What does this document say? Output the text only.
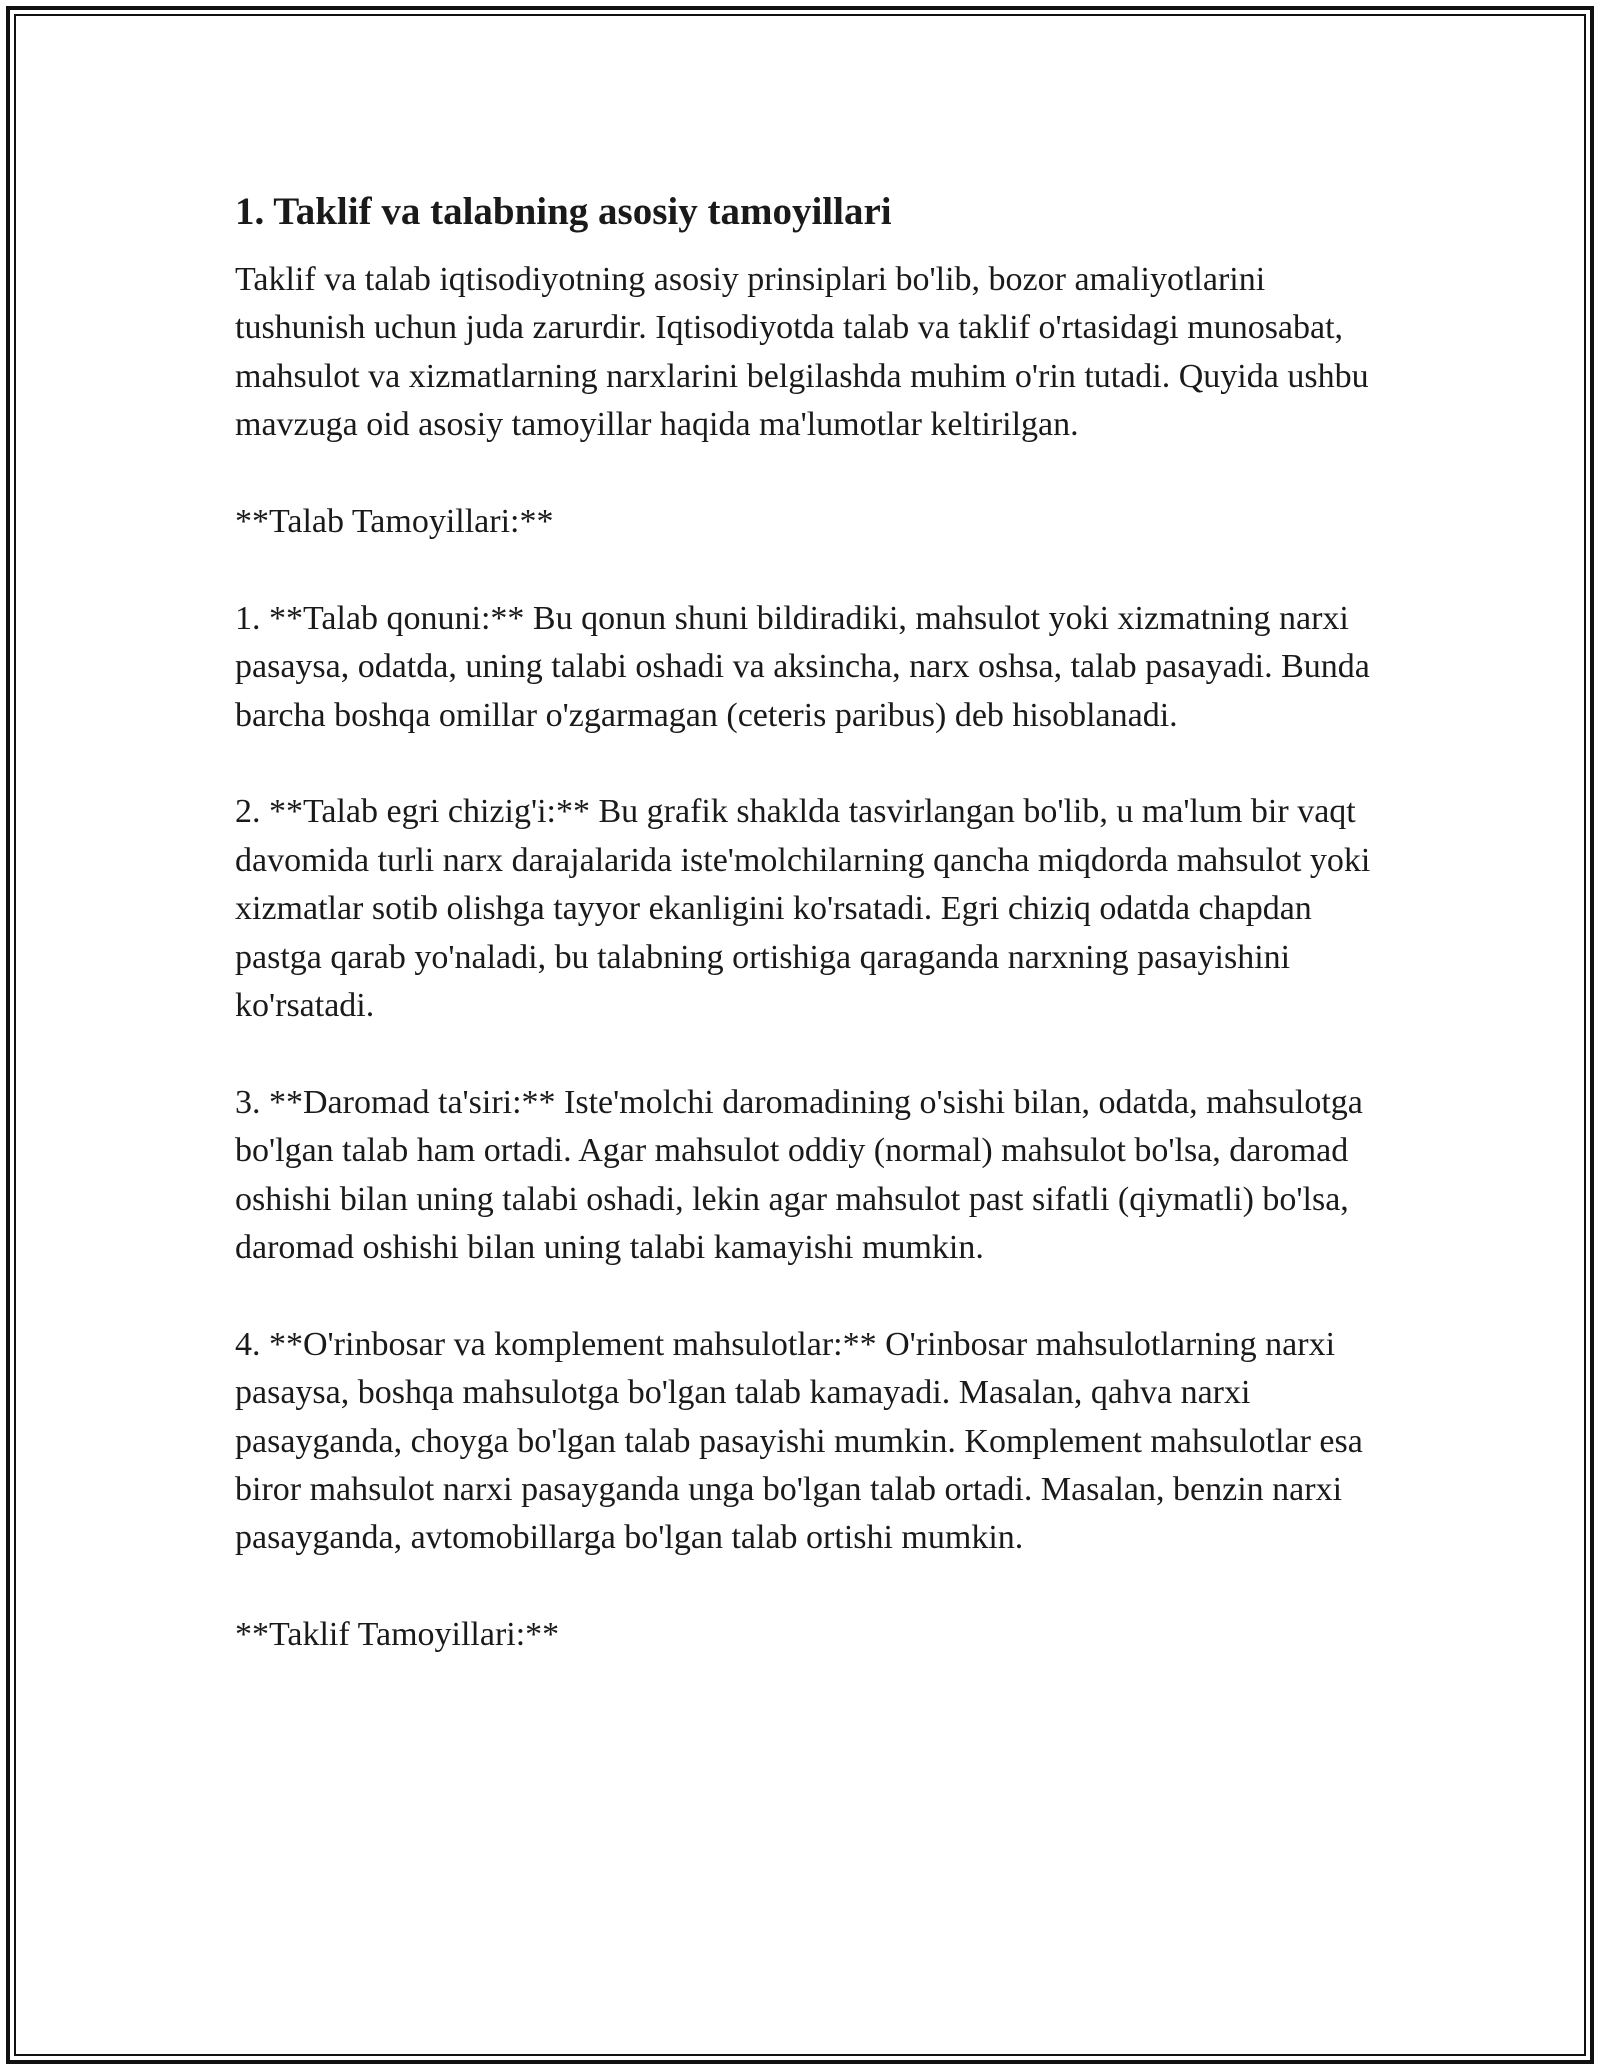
1. Taklif va talabning asosiy tamoyillari

Taklif va talab iqtisodiyotning asosiy prinsiplari bo'lib, bozor amaliyotlarini tushunish uchun juda zarurdir. Iqtisodiyotda talab va taklif o'rtasidagi munosabat, mahsulot va xizmatlarning narxlarini belgilashda muhim o'rin tutadi. Quyida ushbu mavzuga oid asosiy tamoyillar haqida ma'lumotlar keltirilgan.

**Talab Tamoyillari:**

1. **Talab qonuni:** Bu qonun shuni bildiradiki, mahsulot yoki xizmatning narxi pasaysa, odatda, uning talabi oshadi va aksincha, narx oshsa, talab pasayadi. Bunda barcha boshqa omillar o'zgarmagan (ceteris paribus) deb hisoblanadi.

2. **Talab egri chizig'i:** Bu grafik shaklda tasvirlangan bo'lib, u ma'lum bir vaqt davomida turli narx darajalarida iste'molchilarning qancha miqdorda mahsulot yoki xizmatlar sotib olishga tayyor ekanligini ko'rsatadi. Egri chiziq odatda chapdan pastga qarab yo'naladi, bu talabning ortishiga qaraganda narxning pasayishini ko'rsatadi.

3. **Daromad ta'siri:** Iste'molchi daromadining o'sishi bilan, odatda, mahsulotga bo'lgan talab ham ortadi. Agar mahsulot oddiy (normal) mahsulot bo'lsa, daromad oshishi bilan uning talabi oshadi, lekin agar mahsulot past sifatli (qiymatli) bo'lsa, daromad oshishi bilan uning talabi kamayishi mumkin.

4. **O'rinbosar va komplement mahsulotlar:** O'rinbosar mahsulotlarning narxi pasaysa, boshqa mahsulotga bo'lgan talab kamayadi. Masalan, qahva narxi pasayganda, choyga bo'lgan talab pasayishi mumkin. Komplement mahsulotlar esa biror mahsulot narxi pasayganda unga bo'lgan talab ortadi. Masalan, benzin narxi pasayganda, avtomobillarga bo'lgan talab ortishi mumkin.

**Taklif Tamoyillari:**
